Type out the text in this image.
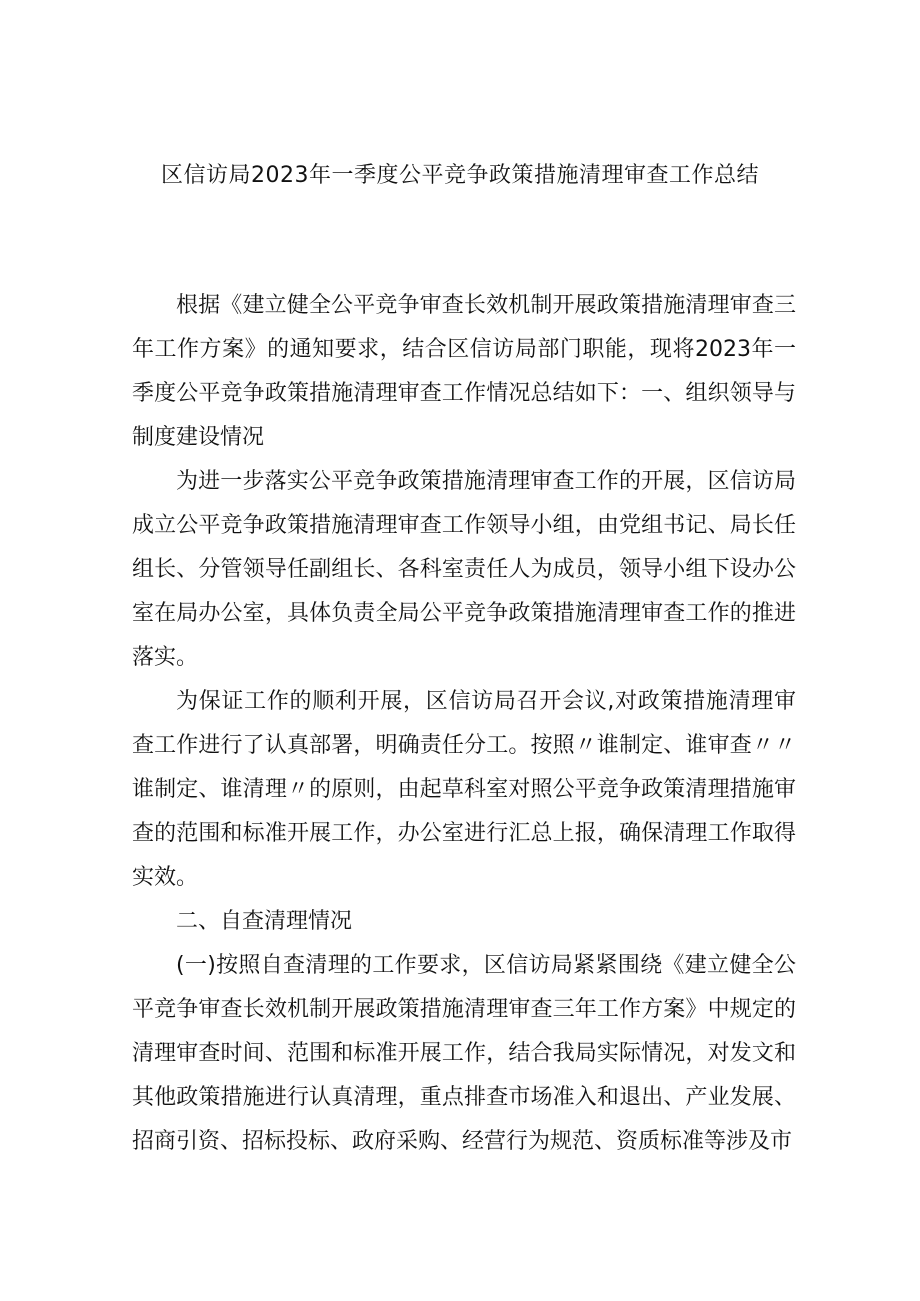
区信访局2023年一季度公平竞争政策措施清理审查工作总结

根据《建立健全公平竞争审查长效机制开展政策措施清理审查三年工作方案》的通知要求，结合区信访局部门职能，现将2023年一季度公平竞争政策措施清理审查工作情况总结如下：一、组织领导与制度建设情况

为进一步落实公平竞争政策措施清理审查工作的开展，区信访局成立公平竞争政策措施清理审查工作领导小组，由党组书记、局长任组长、分管领导任副组长、各科室责任人为成员，领导小组下设办公室在局办公室，具体负责全局公平竞争政策措施清理审查工作的推进落实。

为保证工作的顺利开展，区信访局召开会议,对政策措施清理审查工作进行了认真部署，明确责任分工。按照〃谁制定、谁审查〃〃谁制定、谁清理〃的原则，由起草科室对照公平竞争政策清理措施审查的范围和标准开展工作，办公室进行汇总上报，确保清理工作取得实效。

二、自查清理情况

(一)按照自查清理的工作要求，区信访局紧紧围绕《建立健全公平竞争审查长效机制开展政策措施清理审查三年工作方案》中规定的清理审查时间、范围和标准开展工作，结合我局实际情况，对发文和其他政策措施进行认真清理，重点排查市场准入和退出、产业发展、招商引资、招标投标、政府采购、经营行为规范、资质标准等涉及市
